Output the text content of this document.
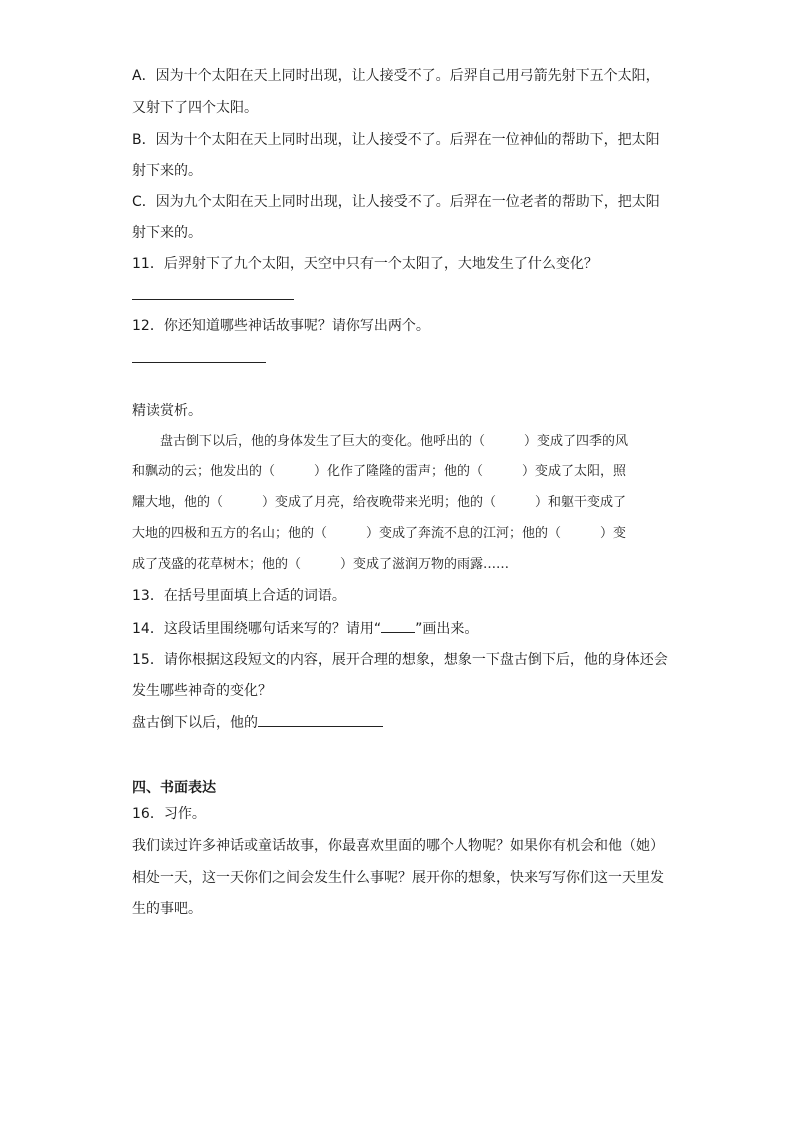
A．因为十个太阳在天上同时出现，让人接受不了。后羿自己用弓箭先射下五个太阳，
又射下了四个太阳。
B．因为十个太阳在天上同时出现，让人接受不了。后羿在一位神仙的帮助下，把太阳
射下来的。
C．因为九个太阳在天上同时出现，让人接受不了。后羿在一位老者的帮助下，把太阳
射下来的。
11．后羿射下了九个太阳，天空中只有一个太阳了，大地发生了什么变化？
12．你还知道哪些神话故事呢？请你写出两个。
精读赏析。
盘古倒下以后，他的身体发生了巨大的变化。他呼出的（　　　）变成了四季的风
和飘动的云；他发出的（　　　）化作了隆隆的雷声；他的（　　　）变成了太阳，照
耀大地，他的（　　　）变成了月亮，给夜晚带来光明；他的（　　　）和躯干变成了
大地的四极和五方的名山；他的（　　　）变成了奔流不息的江河；他的（　　　）变
成了茂盛的花草树木；他的（　　　）变成了滋润万物的雨露……
13．在括号里面填上合适的词语。
14．这段话里围绕哪句话来写的？请用“ ”画出来。
15．请你根据这段短文的内容，展开合理的想象，想象一下盘古倒下后，他的身体还会
发生哪些神奇的变化？
盘古倒下以后，他的
四、书面表达
16．习作。
我们读过许多神话或童话故事，你最喜欢里面的哪个人物呢？如果你有机会和他（她）
相处一天，这一天你们之间会发生什么事呢？展开你的想象，快来写写你们这一天里发
生的事吧。
